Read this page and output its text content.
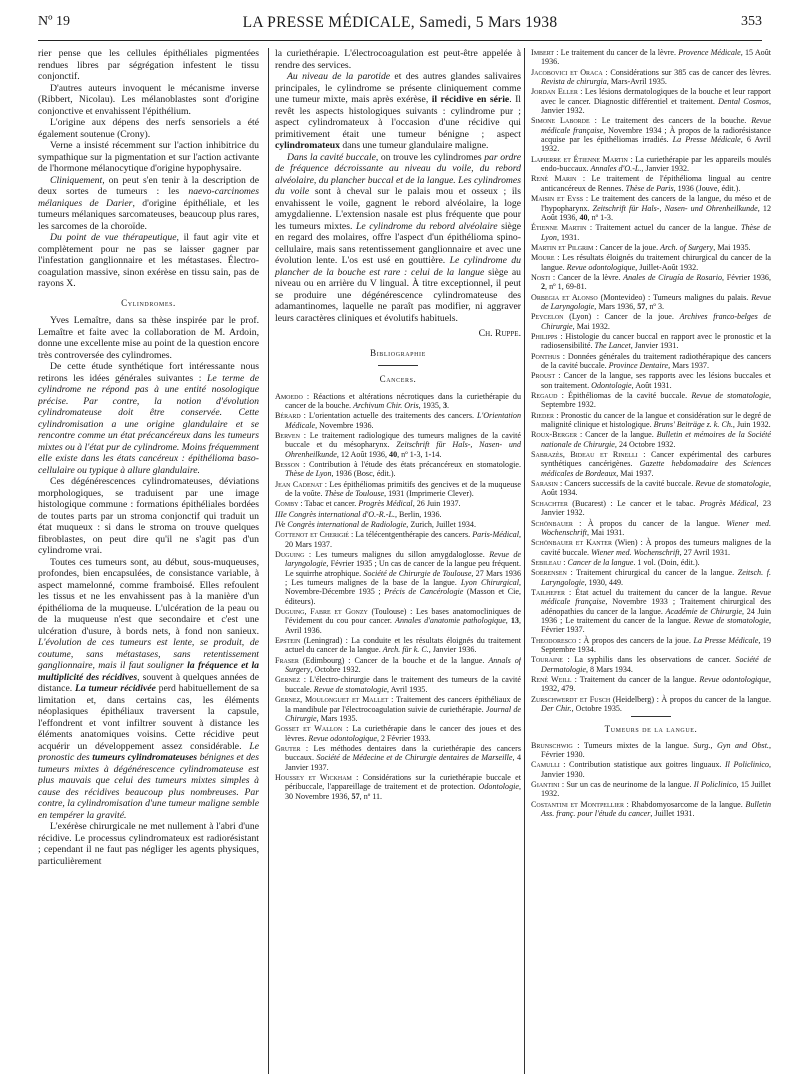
Nº 19	LA PRESSE MÉDICALE, Samedi, 5 Mars 1938	353
rier pense que les cellules épithéliales pigmentées rendues libres par ségrégation infestent le tissu conjonctif.
D'autres auteurs invoquent le mécanisme inverse (Ribbert, Nicolau). Les mélanoblastes sont d'origine conjonctive et envahissent l'épithélium.
L'origine aux dépens des nerfs sensoriels a été également soutenue (Crony).
Verne a insisté récemment sur l'action inhibitrice du sympathique sur la pigmentation et sur l'action activante de l'hormone mélanocytique d'origine hypophysaire.
Cliniquement, on peut s'en tenir à la description de deux sortes de tumeurs : les naevo-carcinomes mélaniques de Darier, d'origine épithéliale, et les tumeurs mélaniques sarcomateuses, beaucoup plus rares, les sarcomes de la choroïde.
Du point de vue thérapeutique, il faut agir vite et complètement pour ne pas se laisser gagner par l'infestation ganglionnaire et les métastases. Électro-coagulation massive, sinon exérèse en tissu sain, pas de rayons X.
Cylindromes.
Yves Lemaître, dans sa thèse inspirée par le prof. Lemaître et faite avec la collaboration de M. Ardoin, donne une excellente mise au point de la question encore très controversée des cylindromes.
De cette étude synthétique fort intéressante nous retirons les idées générales suivantes : Le terme de cylindrome ne répond pas à une entité nosologique précise. Par contre, la notion d'évolution cylindromateuse doit être conservée. Cette cylindromisation a une origine glandulaire et se rencontre comme un état précancéreux dans les tumeurs mixtes ou à l'état pur de cylindrome. Moins fréquemment elle existe dans les états cancéreux : épithélioma baso-cellulaire ou typique à allure glandulaire.
Ces dégénérescences cylindromateuses, déviations morphologiques, se traduisent par une image histologique commune : formations épithéliales bordées de toutes parts par un stroma conjonctif qui traduit un état muqueux : si dans le stroma on trouve quelques fibroblastes, on peut dire qu'il ne s'agit pas d'un cylindrome vrai.
Toutes ces tumeurs sont, au début, sous-muqueuses, profondes, bien encapsulées, de consistance variable, à aspect mamelonné, comme framboisé. Elles refoulent les tissus et ne les envahissent pas à la manière d'un épithélioma de la muqueuse. L'ulcération de la peau ou de la muqueuse n'est que secondaire et c'est une ulcération d'usure, à bords nets, à fond non sanieux. L'évolution de ces tumeurs est lente, se produit, de coutume, sans métastases, sans retentissement ganglionnaire, mais il faut souligner la fréquence et la multiplicité des récidives, souvent à quelques années de distance. La tumeur récidivée perd habituellement de sa limitation et, dans certains cas, les éléments néoplasiques épithéliaux traversent la capsule, l'effondrent et vont infiltrer souvent à distance les éléments anatomiques voisins. Cette récidive peut acquérir un développement assez considérable. Le pronostic des tumeurs cylindromateuses bénignes et des tumeurs mixtes à dégénérescence cylindromateuse est plus mauvais que celui des tumeurs mixtes simples à cause des récidives beaucoup plus nombreuses. Par contre, la cylindromisation d'une tumeur maligne semble en tempérer la gravité.
L'exérèse chirurgicale ne met nullement à l'abri d'une récidive. Le processus cylindromateux est radiorésistant ; cependant il ne faut pas négliger les agents physiques, particulièrement
la curiethérapie. L'électrocoagulation est peut-être appelée à rendre des services.
Au niveau de la parotide et des autres glandes salivaires principales, le cylindrome se présente cliniquement comme une tumeur mixte, mais après exérèse, il récidive en série. Il revêt les aspects histologiques suivants : cylindrome pur ; aspect cylindromateux à l'occasion d'une récidive qui primitivement était une tumeur bénigne ; aspect cylindromateux dans une tumeur glandulaire maligne.
Dans la cavité buccale, on trouve les cylindromes par ordre de fréquence décroissante au niveau du voile, du rebord alvéolaire, du plancher buccal et de la langue. Les cylindromes du voile sont à cheval sur le palais mou et osseux ; ils envahissent le voile, gagnent le rebord alvéolaire, la loge amygdalienne. L'extension nasale est plus fréquente que pour les tumeurs mixtes. Le cylindrome du rebord alvéolaire siège en regard des molaires, offre l'aspect d'un épithélioma spino-cellulaire, mais sans retentissement ganglionnaire et avec une évolution lente. L'os est usé en gouttière. Le cylindrome du plancher de la bouche est rare : celui de la langue siège au niveau ou en arrière du V lingual. À titre exceptionnel, il peut se produire une dégénérescence cylindromateuse des adamantinomes, laquelle ne paraît pas modifier, ni aggraver leurs caractères cliniques et évolutifs habituels.
Ch. Ruppe.
Bibliographie
Cancers.
Amoedo : Réactions et altérations nécrotiques dans la curiethérapie du cancer de la bouche. Archivum Chir. Oris, 1935, 3.
Bérard : L'orientation actuelle des traitements des cancers. L'Orientation Médicale, Novembre 1936.
Berven : Le traitement radiologique des tumeurs malignes de la cavité buccale et du mésopharynx. Zeitschrift für Hals-, Nasen- und Ohrenheilkunde, 12 Août 1936, 40, nº 1-3, 1-14.
Besson : Contribution à l'étude des états précancéreux en stomatologie. Thèse de Lyon, 1936 (Bosc, édit.).
Jean Cadenat : Les épithéliomas primitifs des gencives et de la muqueuse de la voûte. Thèse de Toulouse, 1931 (Imprimerie Clever).
Comby : Tabac et cancer. Progrès Médical, 26 Juin 1937.
IIIe Congrès international d'O.-R.-L., Berlin, 1936.
IVe Congrès international de Radiologie, Zurich, Juillet 1934.
Cottenot et Cherigié : La télécentgenthérapie des cancers. Paris-Médical, 20 Mars 1937.
Duguing : Les tumeurs malignes du sillon amygdaloglosse. Revue de laryngologie, Février 1935 ; Un cas de cancer de la langue peu fréquent. Le squirrhe atrophique. Société de Chirurgie de Toulouse, 27 Mars 1936 ; Les tumeurs malignes de la base de la langue. Lyon Chirurgical, Novembre-Décembre 1935 ; Précis de Cancérologie (Masson et Cie, éditeurs).
Duguing, Fabre et Gonzy (Toulouse) : Les bases anatomocliniques de l'évidement du cou pour cancer. Annales d'anatomie pathologique, 13, Avril 1936.
Epstein (Leningrad) : La conduite et les résultats éloignés du traitement actuel du cancer de la langue. Arch. für k. C., Janvier 1936.
Fraser (Edimbourg) : Cancer de la bouche et de la langue. Annals of Surgery, Octobre 1932.
Gernez : L'électro-chirurgie dans le traitement des tumeurs de la cavité buccale. Revue de stomatologie, Avril 1935.
Gernez, Moulonguet et Mallet : Traitement des cancers épithéliaux de la mandibule par l'électrocoagulation suivie de curiethérapie. Journal de Chirurgie, Mars 1935.
Gosset et Wallon : La curiethérapie dans le cancer des joues et des lèvres. Revue odontologique, 2 Février 1933.
Gruter : Les méthodes dentaires dans la curiethérapie des cancers buccaux. Société de Médecine et de Chirurgie dentaires de Marseille, 4 Janvier 1937.
Houssey et Wickham : Considérations sur la curiethérapie buccale et péribuccale, l'appareillage de traitement et de protection. Odontologie, 30 Novembre 1936, 57, nº 11.
Imbert : Le traitement du cancer de la lèvre. Provence Médicale, 15 Août 1936.
Jacobovici et Oraca : Considérations sur 385 cas de cancer des lèvres. Revista de chirurgia, Mars-Avril 1935.
Jordan Eller : Les lésions dermatologiques de la bouche et leur rapport avec le cancer. Diagnostic différentiel et traitement. Dental Cosmos, Janvier 1932.
Simone Laborde : Le traitement des cancers de la bouche. Revue médicale française, Novembre 1934 ; À propos de la radiorésistance acquise par les épithéliomas irradiés. La Presse Médicale, 6 Avril 1932.
Lapierre et Étienne Martin : La curiethérapie par les appareils moulés endo-buccaux. Annales d'O.-L., Janvier 1932.
René Marin : Le traitement de l'épithélioma lingual au centre anticancéreux de Rennes. Thèse de Paris, 1936 (Jouve, édit.).
Maisin et Eyss : Le traitement des cancers de la langue, du méso et de l'hypopharynx. Zeitschrift für Hals-, Nasen- und Ohrenheilkunde, 12 Août 1936, 40, nº 1-3.
Étienne Martin : Traitement actuel du cancer de la langue. Thèse de Lyon, 1931.
Martin et Pilgrim : Cancer de la joue. Arch. of Surgery, Mai 1935.
Moure : Les résultats éloignés du traitement chirurgical du cancer de la langue. Revue odontologique, Juillet-Août 1932.
Nosti : Cancer de la lèvre. Anales de Cirugía de Rosario, Février 1936, 2, nº 1, 69-81.
Orbegia et Alonso (Montevideo) : Tumeurs malignes du palais. Revue de Laryngologie, Mars 1936, 57, nº 3.
Peycelon (Lyon) : Cancer de la joue. Archives franco-belges de Chirurgie, Mai 1932.
Philipps : Histologie du cancer buccal en rapport avec le pronostic et la radiosensibilité. The Lancet, Janvier 1931.
Ponthus : Données générales du traitement radiothérapique des cancers de la cavité buccale. Province Dentaire, Mars 1937.
Proust : Cancer de la langue, ses rapports avec les lésions buccales et son traitement. Odontologie, Août 1931.
Regaud : Épithéliomas de la cavité buccale. Revue de stomatologie, Septembre 1932.
Rieder : Pronostic du cancer de la langue et considération sur le degré de malignité clinique et histologique. Bruns' Beiträge z. k. Ch., Juin 1932.
Roux-Berger : Cancer de la langue. Bulletin et mémoires de la Société nationale de Chirurgie, 24 Octobre 1932.
Sabrazès, Bideau et Rinelli : Cancer expérimental des carbures synthétiques cancérigènes. Gazette hebdomadaire des Sciences médicales de Bordeaux, Mai 1937.
Sarasin : Cancers successifs de la cavité buccale. Revue de stomatologie, Août 1934.
Schachter (Bucarest) : Le cancer et le tabac. Progrès Médical, 23 Janvier 1932.
Schönbauer : À propos du cancer de la langue. Wiener med. Wochenschrift, Mai 1931.
Schönbauer et Kanter (Wien) : À propos des tumeurs malignes de la cavité buccale. Wiener med. Wochenschrift, 27 Avril 1931.
Sebileau : Cancer de la langue. 1 vol. (Doin, édit.).
Soerensen : Traitement chirurgical du cancer de la langue. Zeitsch. f. Laryngologie, 1930, 449.
Tailhefer : État actuel du traitement du cancer de la langue. Revue médicale française, Novembre 1933 ; Traitement chirurgical des adénopathies du cancer de la langue. Académie de Chirurgie, 24 Juin 1936 ; Le traitement du cancer de la langue. Revue de stomatologie, Février 1937.
Theodoresco : À propos des cancers de la joue. La Presse Médicale, 19 Septembre 1934.
Touraine : La syphilis dans les observations de cancer. Société de Dermatologie, 8 Mars 1934.
René Weill : Traitement du cancer de la langue. Revue odontologique, 1932, 479.
Zurschwerdt et Fusch (Heidelberg) : À propos du cancer de la langue. Der Chir., Octobre 1935.
Tumeurs de la langue.
Brunschwig : Tumeurs mixtes de la langue. Surg., Gyn and Obst., Février 1930.
Camulli : Contribution statistique aux goitres linguaux. Il Policlinico, Janvier 1930.
Giantini : Sur un cas de neurinome de la langue. Il Policlinico, 15 Juillet 1932.
Costantini et Montpellier : Rhabdomyosarcome de la langue. Bulletin Ass. franç. pour l'étude du cancer, Juillet 1931.
